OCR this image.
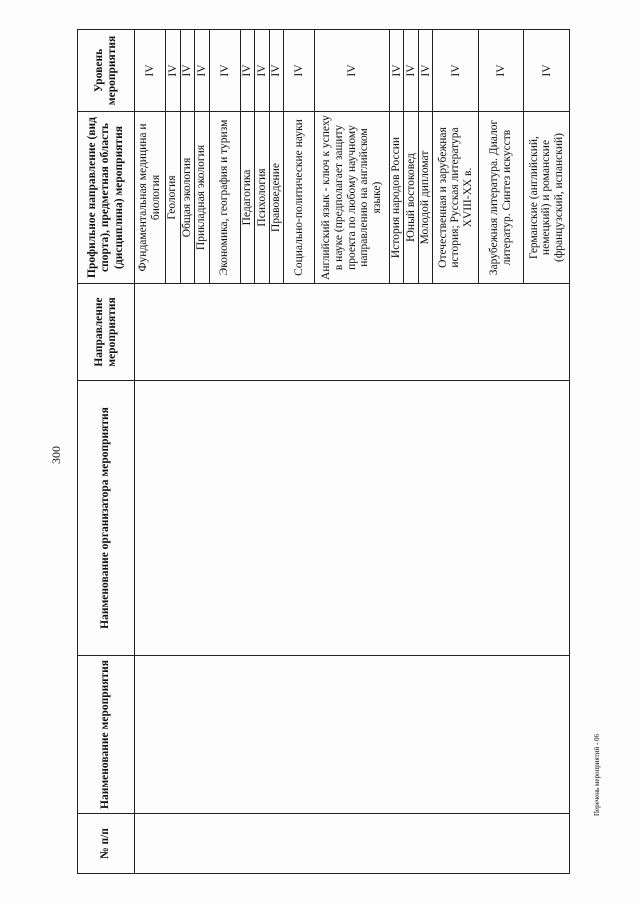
300
№ п/п	Наименование мероприятия	Наименование организатора мероприятия	Направление мероприятия	Профильное направление (вид спорта), предметная область (дисциплина) мероприятия	Уровень мероприятия
				Фундаментальная медицина и биология	IV
				Геология	IV
				Общая экология	IV
				Прикладная экология	IV
				Экономика, география и туризм	IV
				Педагогика	IV
				Психология	IV
				Правоведение	IV
				Социально-политические науки	IV
				Английский язык - ключ к успеху в науке (предполагает защиту проекта по любому научному направлению на английском языке)	IV
				История народов России	IV
				Юный востоковед	IV
				Молодой дипломат	IV
				Отечественная и зарубежная история; Русская литература XVIII-XX в.	IV
				Зарубежная литература. Диалог литератур. Синтез искусств	IV
				Германские (английский, немецкий) и романские (французский, испанский)	IV
Перечень мероприятий - 06
